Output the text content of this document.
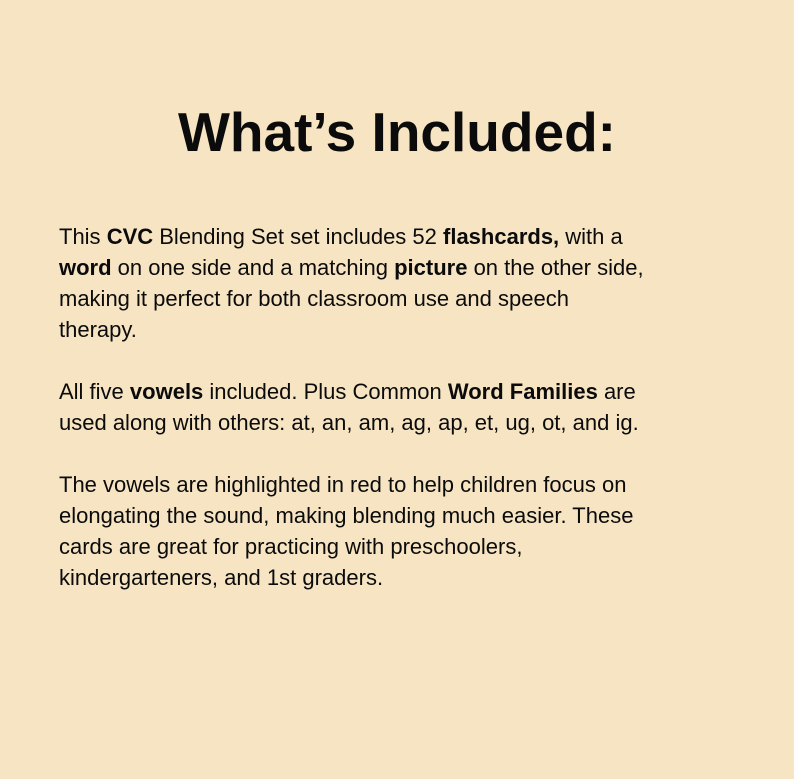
What’s Included:

This CVC Blending Set set includes 52 flashcards, with a
word on one side and a matching picture on the other side,
making it perfect for both classroom use and speech
therapy.

All five vowels included. Plus Common Word Families are
used along with others: at, an, am, ag, ap, et, ug, ot, and ig.

The vowels are highlighted in red to help children focus on
elongating the sound, making blending much easier. These
cards are great for practicing with preschoolers,
kindergarteners, and 1st graders.
